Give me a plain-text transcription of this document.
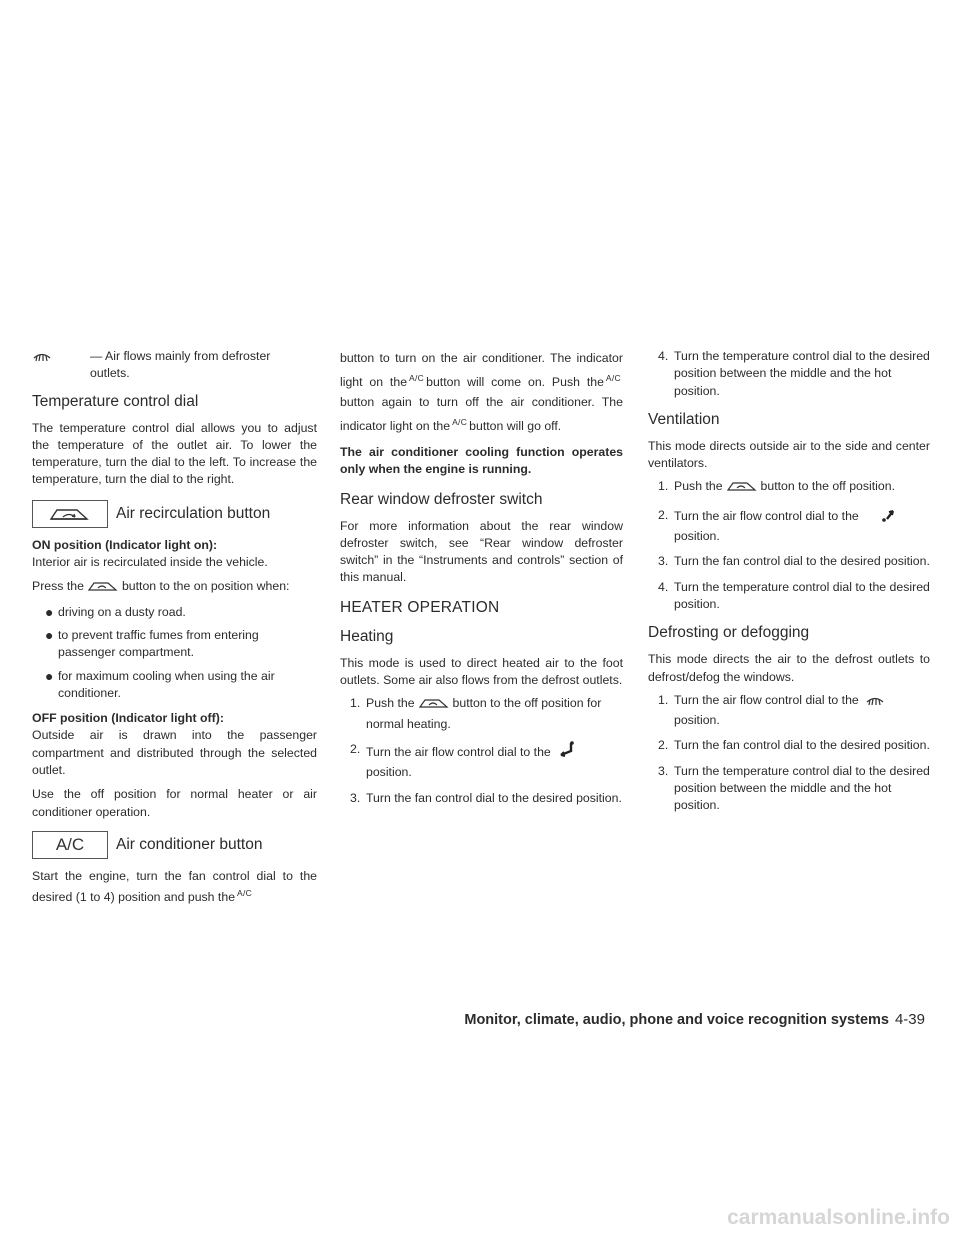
— Air flows mainly from defroster outlets.
Temperature control dial

The temperature control dial allows you to adjust the temperature of the outlet air. To lower the temperature, turn the dial to the left. To increase the temperature, turn the dial to the right.

Air recirculation button

ON position (Indicator light on):

Interior air is recirculated inside the vehicle.

Press the	button to the on position when:

● driving on a dusty road.
● to prevent traffic fumes from entering passenger compartment.
● for maximum cooling when using the air conditioner.

OFF position (Indicator light off):

Outside air is drawn into the passenger compartment and distributed through the selected outlet.

Use the off position for normal heater or air conditioner operation.

A/C	Air conditioner button

Start the engine, turn the fan control dial to the desired (1 to 4) position and push the A/C

button to turn on the air conditioner. The indicator light on the A/C button will come on. Push the A/Cbutton again to turn off the air conditioner. The indicator light on the A/C button will go off.

The air conditioner cooling function operates only when the engine is running.

Rear window defroster switch

For more information about the rear window defroster switch, see “Rear window defroster switch” in the “Instruments and controls” section of this manual.

HEATER OPERATION
Heating

This mode is used to direct heated air to the foot outlets. Some air also flows from the defrost outlets.

1. Push the	button to the off position for normal heating.
2. Turn the air flow control dial to the
position.
3. Turn the fan control dial to the desired position.
4. Turn the temperature control dial to the desired position between the middle and the hot position.
Ventilation

This mode directs outside air to the side and center ventilators.

1. Push the	button to the off position.
2. Turn the air flow control dial to the
position.
3. Turn the fan control dial to the desired position.
4. Turn the temperature control dial to the desired position.
Defrosting or defogging

This mode directs the air to the defrost outlets to defrost/defog the windows.

1. Turn the air flow control dial to the
position.
2. Turn the fan control dial to the desired position.
3. Turn the temperature control dial to the desired position between the middle and the hot position.
Monitor, climate, audio, phone and voice recognition systems 4-39
carmanualsonline.info
